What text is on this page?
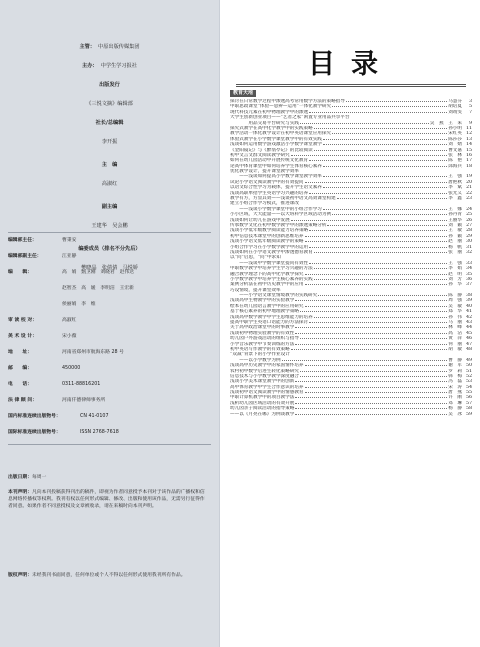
主管： 中原出版传媒集团
主办： 中学生学习报社
出版发行
《三悦文摘》编辑部
社长/总编辑
李开振
主　编
高淑红
副主编
王建华　吴会鹏
编委成员（排名不分先后）
樊晓晶　张倩倩　马悦娇
编辑部主任：	曹秉安
编辑部副主任：	江亚静
编　　辑：	高　娟　甄卫刚　刘晓君　赵伟达
赵智杰　高　媛　李明洁　王宏新
侯丽娟　李　维
审 读 校 对：	高淑红
美 术 设 计：	宋小薇
地　　址：	河南省郑州市航海东路 28 号
邮　　编：	450000
电　　话：	0311-88816201
法 律 顾 问：	河南仟德律师事务所
国内标准连续出版物号：	CN 41-0107
国际标准连续出版物号：	ISSN 2768-7618
出版日期：每周一
本刊声明：凡向本刊投稿获得刊出的稿件，即视为作者同意授予本刊对于该作品的广播权和信息网络传播权等权利。我刊有权以任何形式编辑、修改、出版和使用该作品，无需另行征得作者同意。如果作者不同意授权及文章被收录，请在来稿时向本刊声明。
版权声明：未经我刊书面同意，任何单位或个人不得以任何形式使用我刊所有作品。
目录
教育天地
探讨在日常数学过程中渗透高考常用数学方法的策略指导	马慧芬	3
中职思政课堂“体验—思辨—运用”一体化教学研究	胡培夏	5
现代科技元素在初中物理教学中的渗透	刘靖雯	7
大学生创新创业项目——“艺者之家”闲置专业用品共享平台
　　　　用品交易平台研究与实践	吴　燕　王　朱	9
探究式教学在高中化学教学中的实践策略	孙小明 11
教学活动一体化教学设计在初中英语课堂应用探究	宋红英 12
体验式教学在小学数学课堂教学中的有效实践	陈莎莎 13
浅谈如何运用数学游戏激活小学数学课堂教学	刘　婧 14
《金阳镜记》与《醉翁亭记》的比较阅读	曹文嘉 15
初中文言文群文阅读教学研究	张　林 16
如何在幼儿园活动中开展传统文化教育	陈　艳 17
论高中体育课堂中如何培养学生体育核心素养	邱海兵 18
优化教学设计，提升课堂教学效率
　　——浅谈如何提高小学数学课堂教学效率	王　强 19
试论小学语文阅读教学中的有效提问	唐艳秋 20
以语文综合性学习为载体，提升学生语文素养	李　斌 21
浅谈高职单招学生英语学习兴趣的培养	张光义 22
教学有方，方显其效——浅谈初中语文高效课堂构建	李　鑫 23
建立小组合作学习模式，推进课改
　　——浅谈小学数学课堂中的小组合作学习	王　娜 24
小小区域，大大能量——以大班科学区域活动为例	孙丹青 25
浅谈如何让幼儿在游戏中发展	王丽华 26
传承数学文化在初中数学教学中的渗透策略分析	刘　颖 27
浅谈小学低年级数学阅读能力培养策略	王　敏 28
初中信息技术课堂中的创新思维培养	孙　颖 29
浅谈小学语文低年级阅读教学的策略	赵　丽 30
小组合作学习在小学数学教学中的运用	杨　帆 31
浅谈如何在小学语文教学中渗透德育教育	张　丽 32
以“问”启思，“问”中求知
　　——浅谈中学数学课堂提问有效性	王　强 33
中职数学教学中培养学生学习兴趣的方法	李　娟 34
融合教学理念下的高中化学教学探究	赵　明 35
小学数学教学中培养学生核心素养的实践	刘　芳 36
案例分析法在初中历史教学中的应用	孙　华 37
巧设情境，提升课堂效率
　　——小学语文课堂情境教学的实践研究	陈　静 38
浅谈高中生物教学中的实验教学	周　强 39
绘本在幼儿园语言教学中的应用研究	吴　敏 40
基于核心素养的初中地理教学策略	郑　华 41
浅谈高中数学教学中学生思维能力的培养	孙　伟 42
提高中职学生英语口语能力的方法探讨	马　丽 43
关于高中政治课堂中的时事教学	林　峰 44
浅谈初中物理实验教学的有效性	高　洁 45
幼儿园户外游戏活动的组织与指导	黄　萍 46
小学音乐教学中节奏训练的方法	何　丽 47
初中英语写作教学的有效策略	胡　敏 48
“双减”背景下的小学作业设计
　　——以小学数学为例	曹　静 49
浅谈高中历史教学中的家国情怀培养	谢　军 50
农村初中数学后进生转化策略研究	罗　莉 51
信息技术与小学数学教学深度融合	韩　梅 52
浅谈小学美术课堂教学中的创新	冯　磊 53
高中体育教学中学生合作意识的培养	宋　涛 54
浅谈初中语文阅读教学中的情感教育	唐　燕 55
中职计算机教学中的项目教学法	许　刚 56
浅析幼儿园区域活动的有效开展	邓　琳 57
幼儿园亲子阅读活动的指导策略	杨　静 58
——以《月亮在哪》为例谈教学	吴　冰 59
